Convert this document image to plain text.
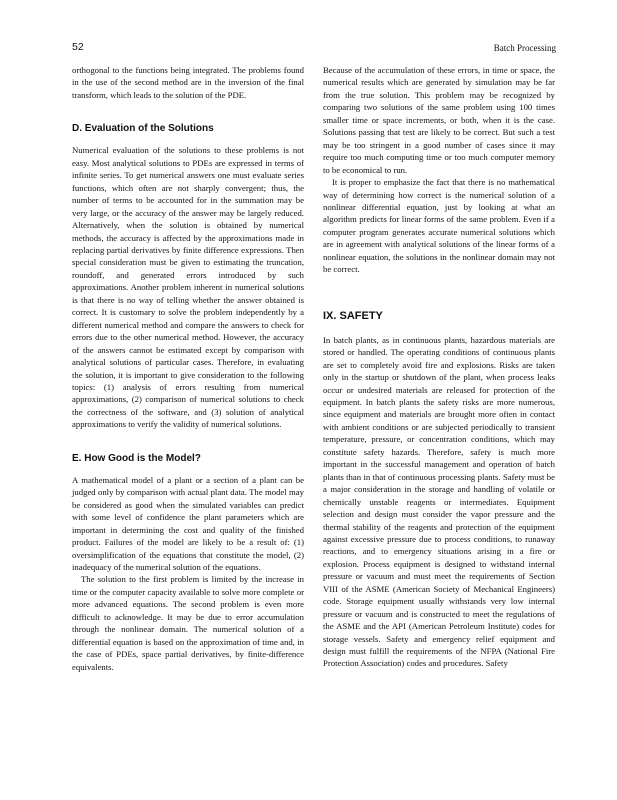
52	Batch Processing

orthogonal to the functions being integrated. The problems found in the use of the second method are in the inversion of the final transform, which leads to the solution of the PDE.

D. Evaluation of the Solutions

Numerical evaluation of the solutions to these problems is not easy. Most analytical solutions to PDEs are expressed in terms of infinite series. To get numerical answers one must evaluate series functions, which often are not sharply convergent; thus, the number of terms to be accounted for in the summation may be very large, or the accuracy of the answer may be largely reduced. Alternatively, when the solution is obtained by numerical methods, the accuracy is affected by the approximations made in replacing partial derivatives by finite difference expressions. Then special consideration must be given to estimating the truncation, roundoff, and generated errors introduced by such approximations. Another problem inherent in numerical solutions is that there is no way of telling whether the answer obtained is correct. It is customary to solve the problem independently by a different numerical method and compare the answers to check for errors due to the other numerical method. However, the accuracy of the answers cannot be estimated except by comparison with analytical solutions of particular cases. Therefore, in evaluating the solution, it is important to give consideration to the following topics: (1) analysis of errors resulting from numerical approximations, (2) comparison of numerical solutions to check the correctness of the software, and (3) solution of analytical approximations to verify the validity of numerical solutions.

E. How Good is the Model?

A mathematical model of a plant or a section of a plant can be judged only by comparison with actual plant data. The model may be considered as good when the simulated variables can predict with some level of confidence the plant parameters which are important in determining the cost and quality of the finished product. Failures of the model are likely to be a result of: (1) oversimplification of the equations that constitute the model, (2) inadequacy of the numerical solution of the equations.

The solution to the first problem is limited by the increase in time or the computer capacity available to solve more complete or more advanced equations. The second problem is even more difficult to acknowledge. It may be due to error accumulation through the nonlinear domain. The numerical solution of a differential equation is based on the approximation of time and, in the case of PDEs, space partial derivatives, by finite-difference equivalents.

Because of the accumulation of these errors, in time or space, the numerical results which are generated by simulation may be far from the true solution. This problem may be recognized by comparing two solutions of the same problem using 100 times smaller time or space increments, or both, when it is the case. Solutions passing that test are likely to be correct. But such a test may be too stringent in a good number of cases since it may require too much computing time or too much computer memory to be economical to run.

It is proper to emphasize the fact that there is no mathematical way of determining how correct is the numerical solution of a nonlinear differential equation, just by looking at what an algorithm predicts for linear forms of the same problem. Even if a computer program generates accurate numerical solutions which are in agreement with analytical solutions of the linear forms of a nonlinear equation, the solutions in the nonlinear domain may not be correct.

IX. SAFETY

In batch plants, as in continuous plants, hazardous materials are stored or handled. The operating conditions of continuous plants are set to completely avoid fire and explosions. Risks are taken only in the startup or shutdown of the plant, when process leaks occur or undesired materials are released for protection of the equipment. In batch plants the safety risks are more numerous, since equipment and materials are brought more often in contact with ambient conditions or are subjected periodically to transient temperature, pressure, or concentration conditions, which may constitute safety hazards. Therefore, safety is much more important in the successful management and operation of batch plants than in that of continuous processing plants. Safety must be a major consideration in the storage and handling of volatile or chemically unstable reagents or intermediates. Equipment selection and design must consider the vapor pressure and the thermal stability of the reagents and protection of the equipment against excessive pressure due to process conditions, to runaway reactions, and to emergency situations arising in a fire or explosion. Process equipment is designed to withstand internal pressure or vacuum and must meet the requirements of Section VIII of the ASME (American Society of Mechanical Engineers) code. Storage equipment usually withstands very low internal pressure or vacuum and is constructed to meet the regulations of the ASME and the API (American Petroleum Institute) codes for storage vessels. Safety and emergency relief equipment and design must fulfill the requirements of the NFPA (National Fire Protection Association) codes and procedures. Safety
